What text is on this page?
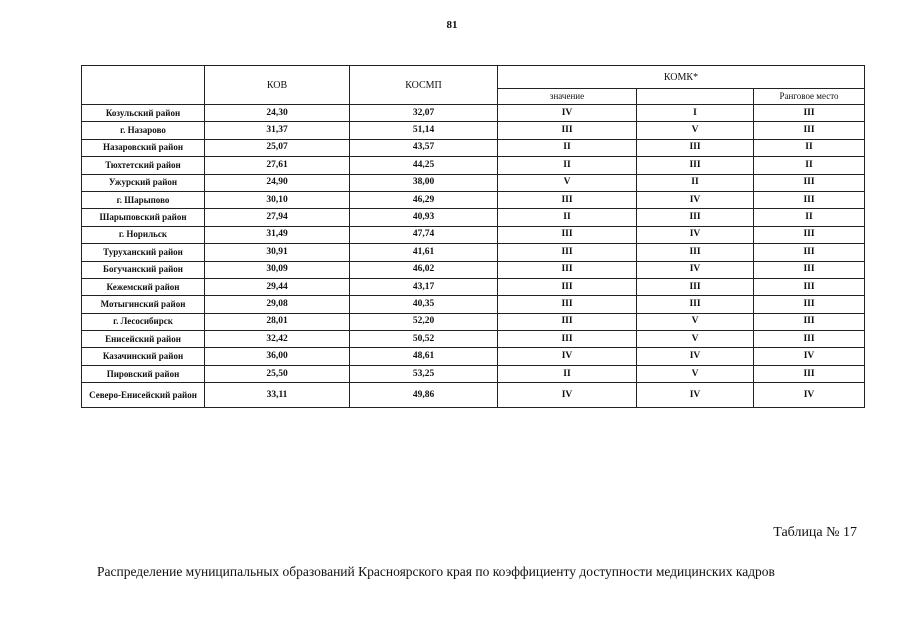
81
	КОВ	КОСМП	КОМК*		
			значение		Ранговое место
Козульский район	24,30	32,07	IV	I	III
г. Назарово	31,37	51,14	III	V	III
Назаровский район	25,07	43,57	II	III	II
Тюхтетский район	27,61	44,25	II	III	II
Ужурский район	24,90	38,00	V	II	III
г. Шарыпово	30,10	46,29	III	IV	III
Шарыповский район	27,94	40,93	II	III	II
г. Норильск	31,49	47,74	III	IV	III
Туруханский район	30,91	41,61	III	III	III
Богучанский район	30,09	46,02	III	IV	III
Кежемский район	29,44	43,17	III	III	III
Мотыгинский район	29,08	40,35	III	III	III
г. Лесосибирск	28,01	52,20	III	V	III
Енисейский район	32,42	50,52	III	V	III
Казачинский район	36,00	48,61	IV	IV	IV
Пировский район	25,50	53,25	II	V	III
Северо-Енисейский район	33,11	49,86	IV	IV	IV
Таблица № 17
Распределение муниципальных образований Красноярского края по коэффициенту доступности медицинских кадров
